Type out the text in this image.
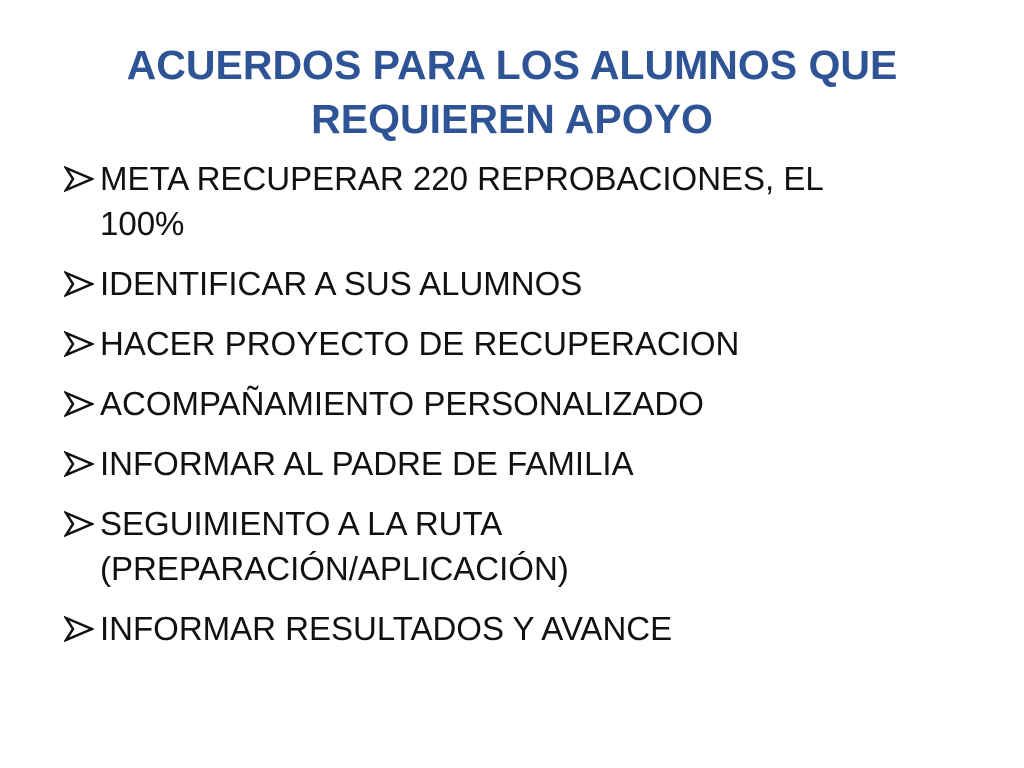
ACUERDOS PARA LOS ALUMNOS QUE REQUIEREN APOYO
META RECUPERAR 220 REPROBACIONES, EL
100%
IDENTIFICAR A SUS ALUMNOS
HACER PROYECTO DE RECUPERACION
ACOMPAÑAMIENTO PERSONALIZADO
INFORMAR AL PADRE DE FAMILIA
SEGUIMIENTO A LA RUTA
(PREPARACIÓN/APLICACIÓN)
INFORMAR RESULTADOS Y AVANCE
